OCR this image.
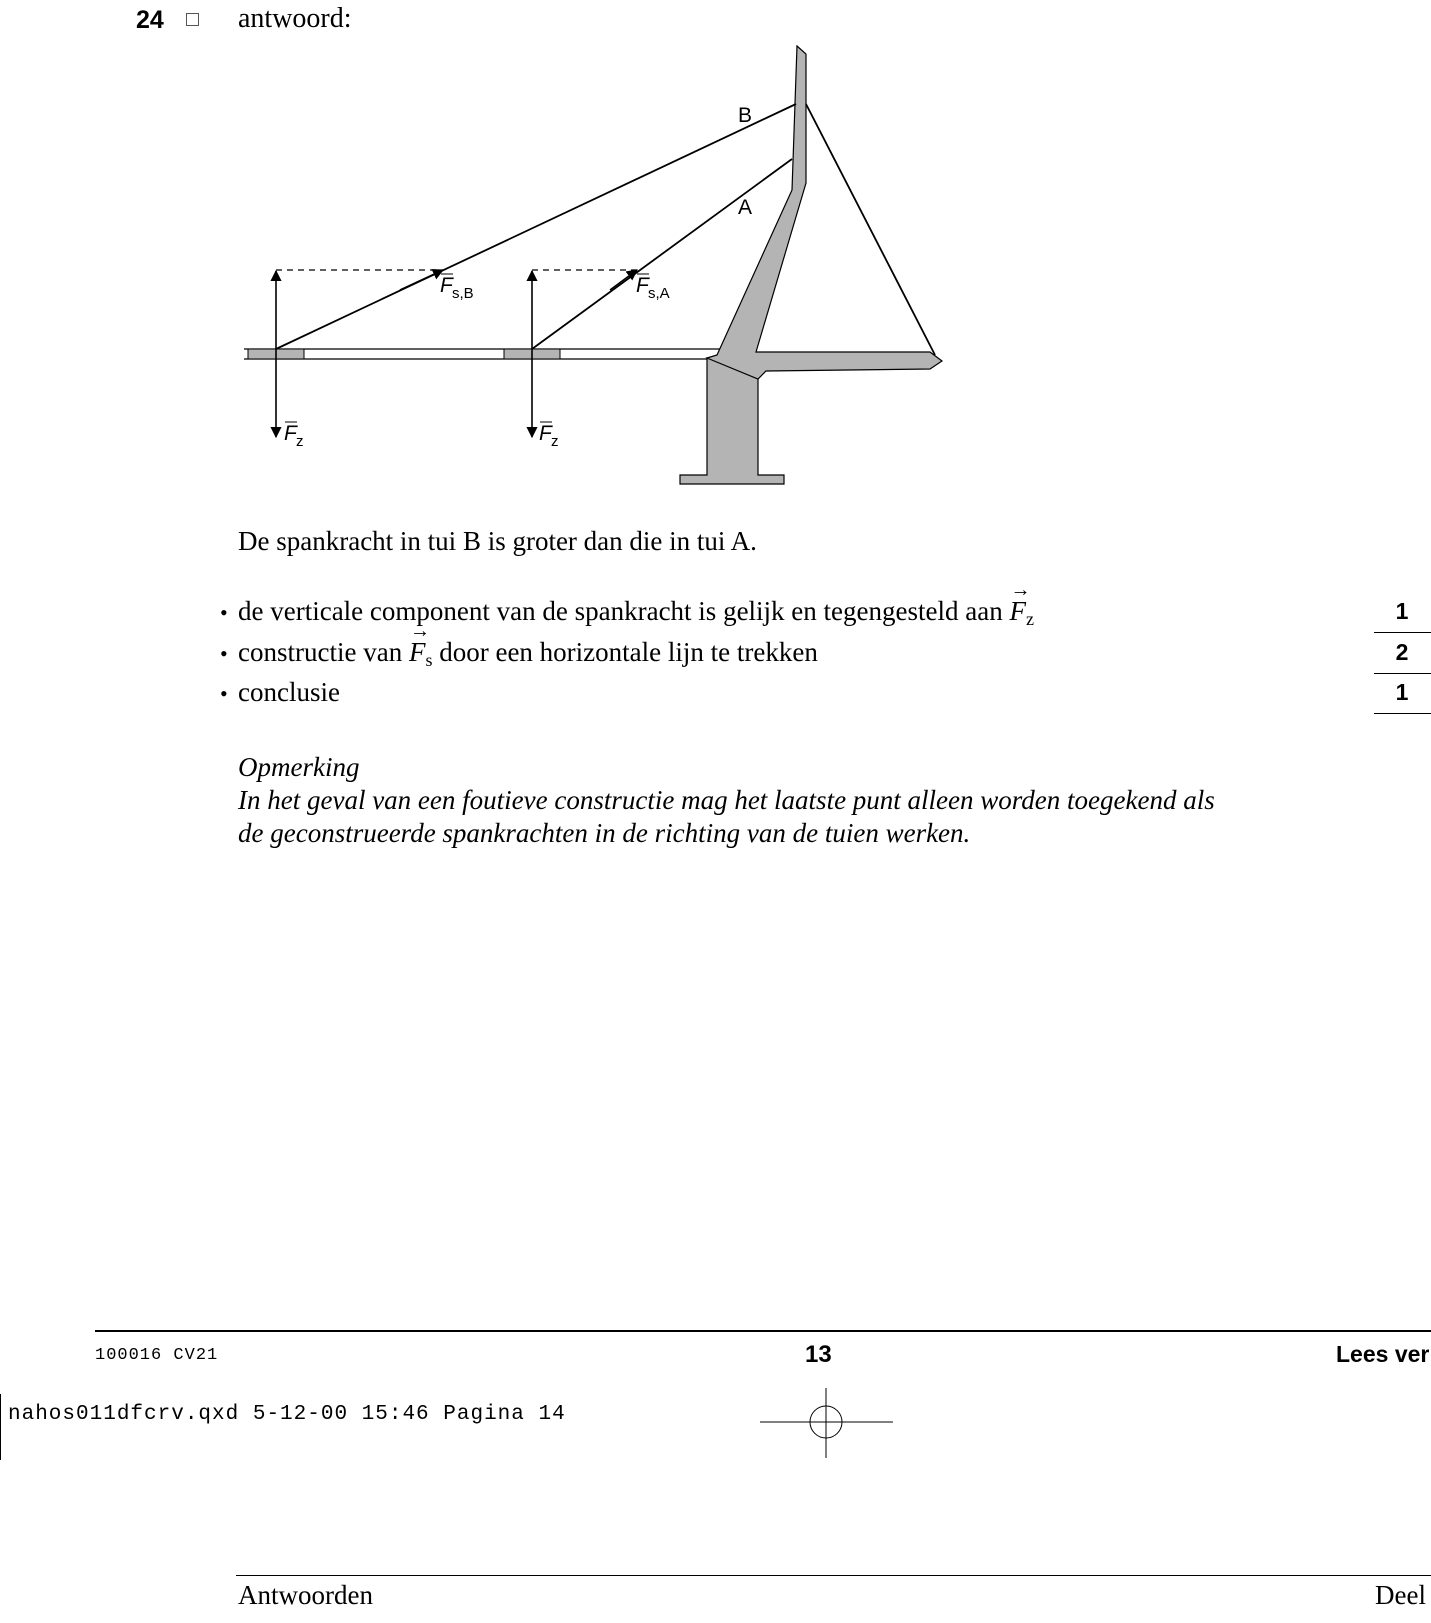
24	antwoord:
B
A
F s,B	F s,A
F z	F z
De spankracht in tui B is groter dan die in tui A.
• de verticale component van de spankracht is gelijk en tegengesteld aan → $F_z$	1
• constructie van → $F_s$ door een horizontale lijn te trekken	2
• conclusie	1
Opmerking
In het geval van een foutieve constructie mag het laatste punt alleen worden toegekend als
de geconstrueerde spankrachten in de richting van de tuien werken.
100016 CV21	13	Lees ver
nahos011dfcrv.qxd 5-12-00 15:46 Pagina 14
Antwoorden	Deel
